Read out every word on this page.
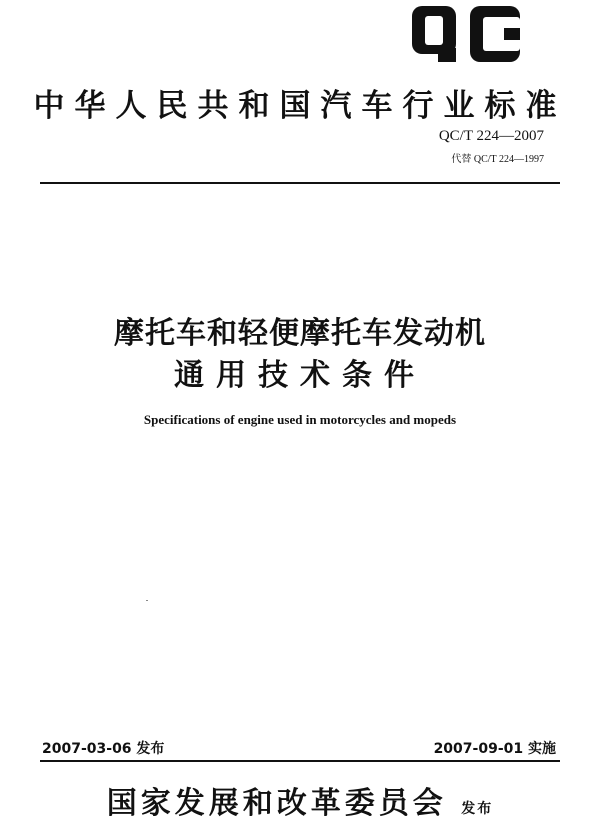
中华人民共和国汽车行业标准
QC/T 224—2007
代替 QC/T 224—1997
摩托车和轻便摩托车发动机
通用技术条件
Specifications of engine used in motorcycles and mopeds
2007-03-06 发布	2007-09-01 实施
国家发展和改革委员会 发布
